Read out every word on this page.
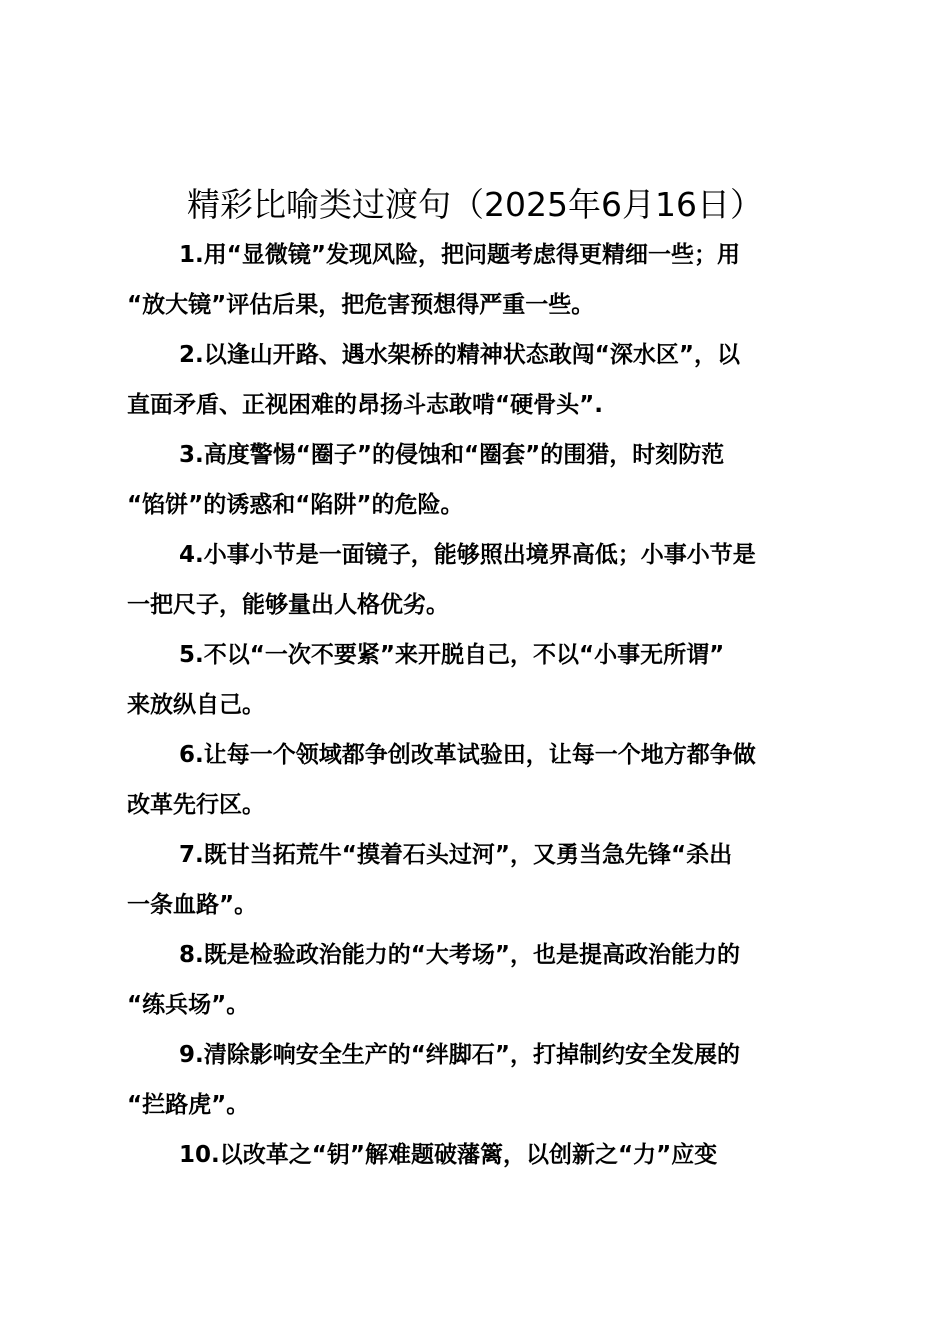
精彩比喻类过渡句（2025年6月16日）
1.用“显微镜”发现风险，把问题考虑得更精细一些；用
“放大镜”评估后果，把危害预想得严重一些。
2.以逢山开路、遇水架桥的精神状态敢闯“深水区”，以
直面矛盾、正视困难的昂扬斗志敢啃“硬骨头”.
3.高度警惕“圈子”的侵蚀和“圈套”的围猎，时刻防范
“馅饼”的诱惑和“陷阱”的危险。
4.小事小节是一面镜子，能够照出境界高低；小事小节是
一把尺子，能够量出人格优劣。
5.不以“一次不要紧”来开脱自己，不以“小事无所谓”
来放纵自己。
6.让每一个领域都争创改革试验田，让每一个地方都争做
改革先行区。
7.既甘当拓荒牛“摸着石头过河”，又勇当急先锋“杀出
一条血路”。
8.既是检验政治能力的“大考场”，也是提高政治能力的
“练兵场”。
9.清除影响安全生产的“绊脚石”，打掉制约安全发展的
“拦路虎”。
10.以改革之“钥”解难题破藩篱，以创新之“力”应变
